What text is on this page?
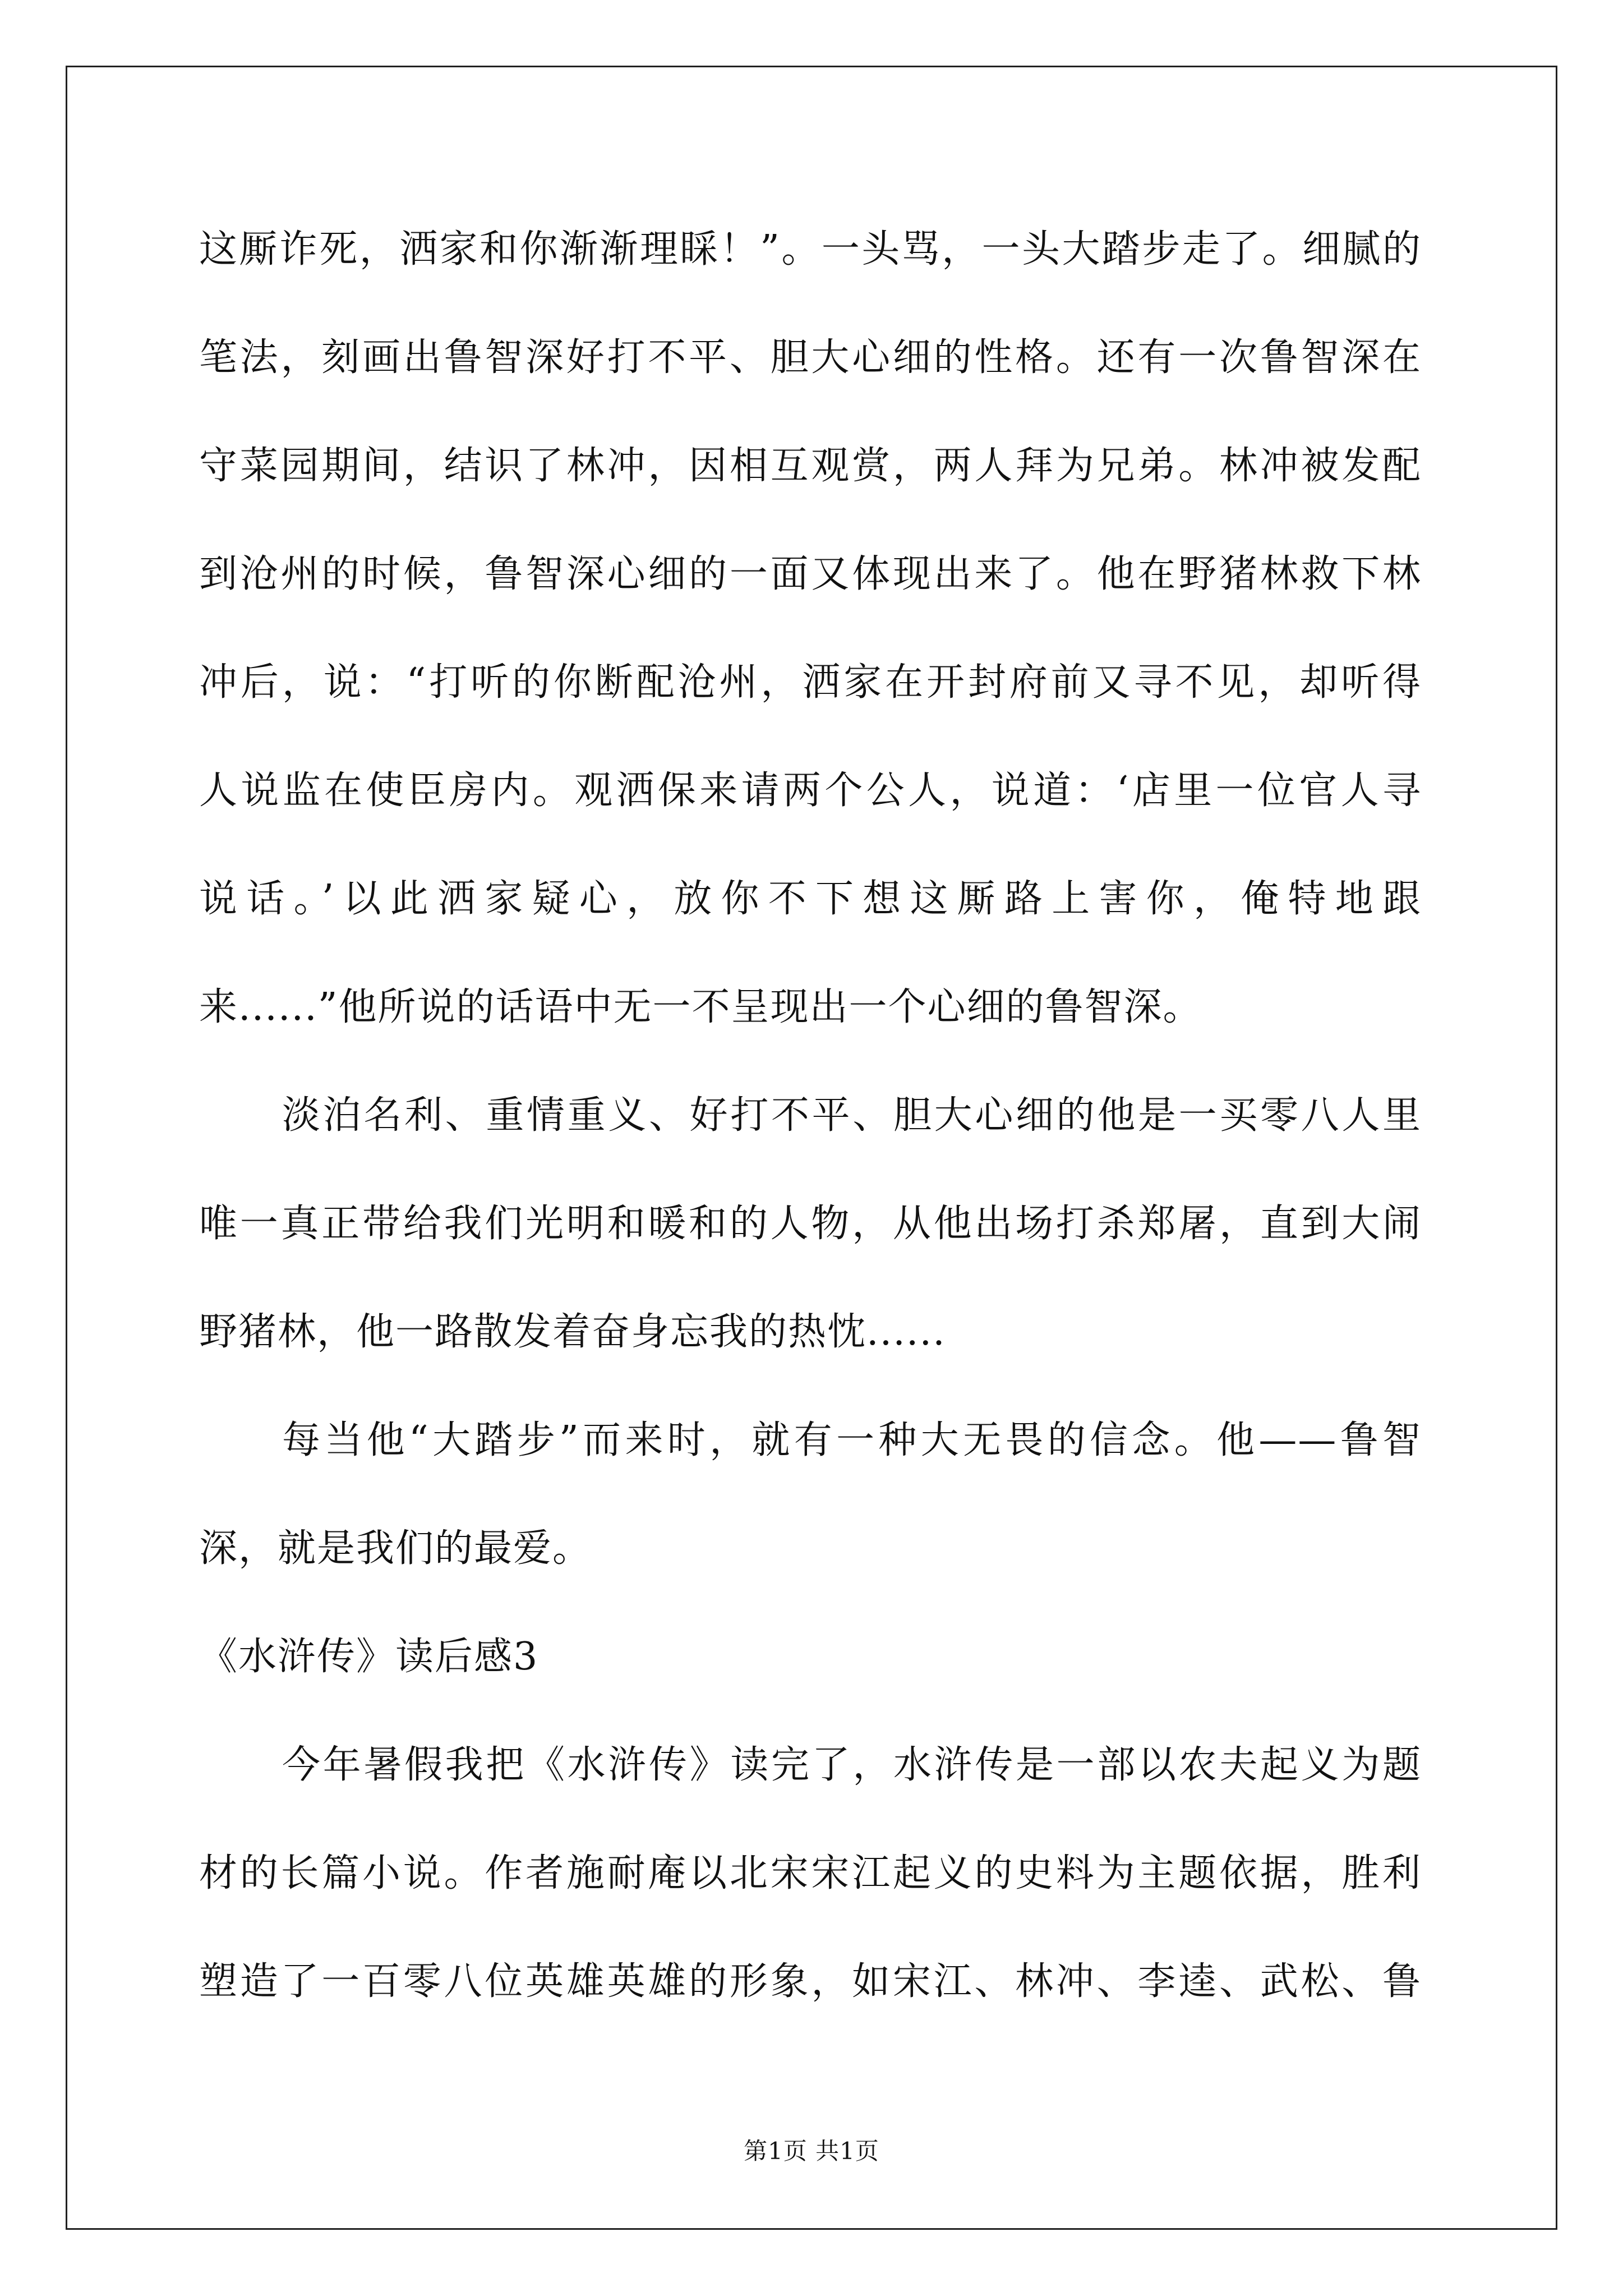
这厮诈死，洒家和你渐渐理睬！”。一头骂，一头大踏步走了。细腻的
笔法，刻画出鲁智深好打不平、胆大心细的性格。还有一次鲁智深在
守菜园期间，结识了林冲，因相互观赏，两人拜为兄弟。林冲被发配
到沧州的时候，鲁智深心细的一面又体现出来了。他在野猪林救下林
冲后，说：“打听的你断配沧州，洒家在开封府前又寻不见，却听得
人说监在使臣房内。观洒保来请两个公人，说道：‘店里一位官人寻
说话。’以此洒家疑心，放你不下想这厮路上害你，俺特地跟
来......”他所说的话语中无一不呈现出一个心细的鲁智深。
淡泊名利、重情重义、好打不平、胆大心细的他是一买零八人里
唯一真正带给我们光明和暖和的人物，从他出场打杀郑屠，直到大闹
野猪林，他一路散发着奋身忘我的热忱......
每当他“大踏步”而来时，就有一种大无畏的信念。他——鲁智
深，就是我们的最爱。
《水浒传》读后感3
今年暑假我把《水浒传》读完了，水浒传是一部以农夫起义为题
材的长篇小说。作者施耐庵以北宋宋江起义的史料为主题依据，胜利
塑造了一百零八位英雄英雄的形象，如宋江、林冲、李逵、武松、鲁
第1页 共1页
